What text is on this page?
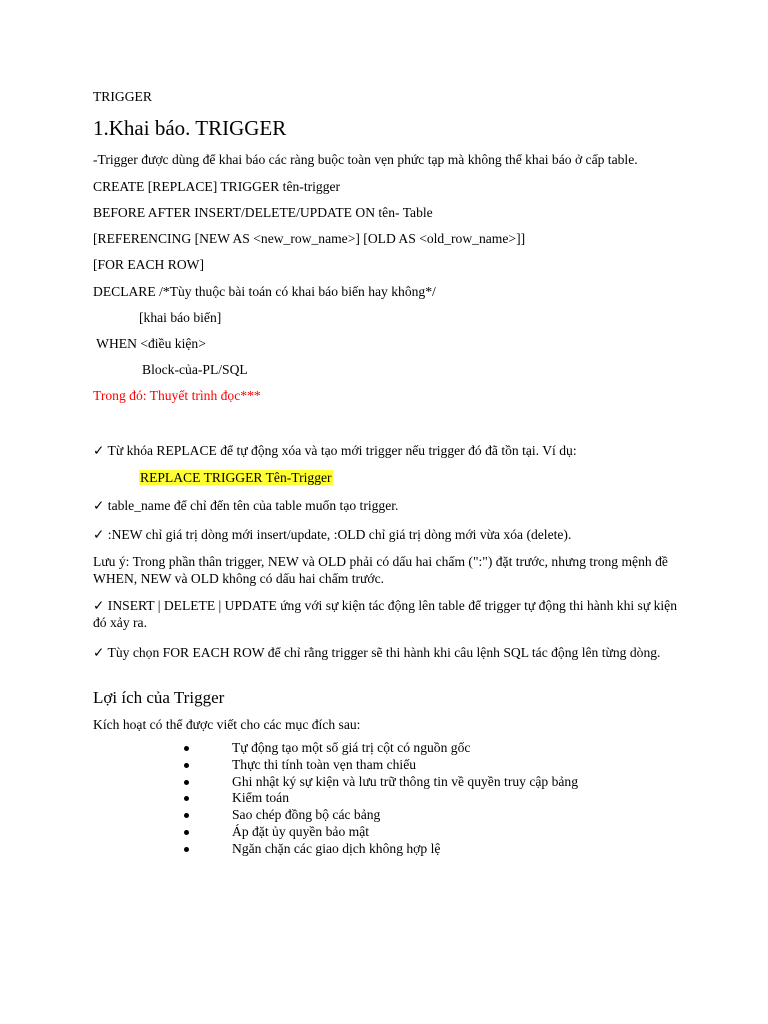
TRIGGER
1.Khai báo. TRIGGER
-Trigger được dùng để khai báo các ràng buộc toàn vẹn phức tạp mà không thể khai báo ở cấp table.
CREATE [REPLACE] TRIGGER tên-trigger
BEFORE AFTER INSERT/DELETE/UPDATE ON tên- Table
[REFERENCING [NEW AS <new_row_name>] [OLD AS <old_row_name>]]
[FOR EACH ROW]
DECLARE /*Tùy thuộc bài toán có khai báo biến hay không*/
[khai báo biến]
WHEN <điều kiện>
Block-của-PL/SQL
Trong đó: Thuyết trình đọc***
✓ Từ khóa REPLACE để tự động xóa và tạo mới trigger nếu trigger đó đã tồn tại. Ví dụ:
REPLACE TRIGGER Tên-Trigger
✓ table_name để chỉ đến tên của table muốn tạo trigger.
✓ :NEW chỉ giá trị dòng mới insert/update, :OLD chỉ giá trị dòng mới vừa xóa (delete).
Lưu ý: Trong phần thân trigger, NEW và OLD phải có dấu hai chấm (":") đặt trước, nhưng trong mệnh đề WHEN, NEW và OLD không có dấu hai chấm trước.
✓ INSERT | DELETE | UPDATE ứng với sự kiện tác động lên table để trigger tự động thi hành khi sự kiện đó xảy ra.
✓ Tùy chọn FOR EACH ROW để chỉ rằng trigger sẽ thi hành khi câu lệnh SQL tác động lên từng dòng.
Lợi ích của Trigger
Kích hoạt có thể được viết cho các mục đích sau:
Tự động tạo một số giá trị cột có nguồn gốc
Thực thi tính toàn vẹn tham chiếu
Ghi nhật ký sự kiện và lưu trữ thông tin về quyền truy cập bảng
Kiểm toán
Sao chép đồng bộ các bảng
Áp đặt ủy quyền bảo mật
Ngăn chặn các giao dịch không hợp lệ
